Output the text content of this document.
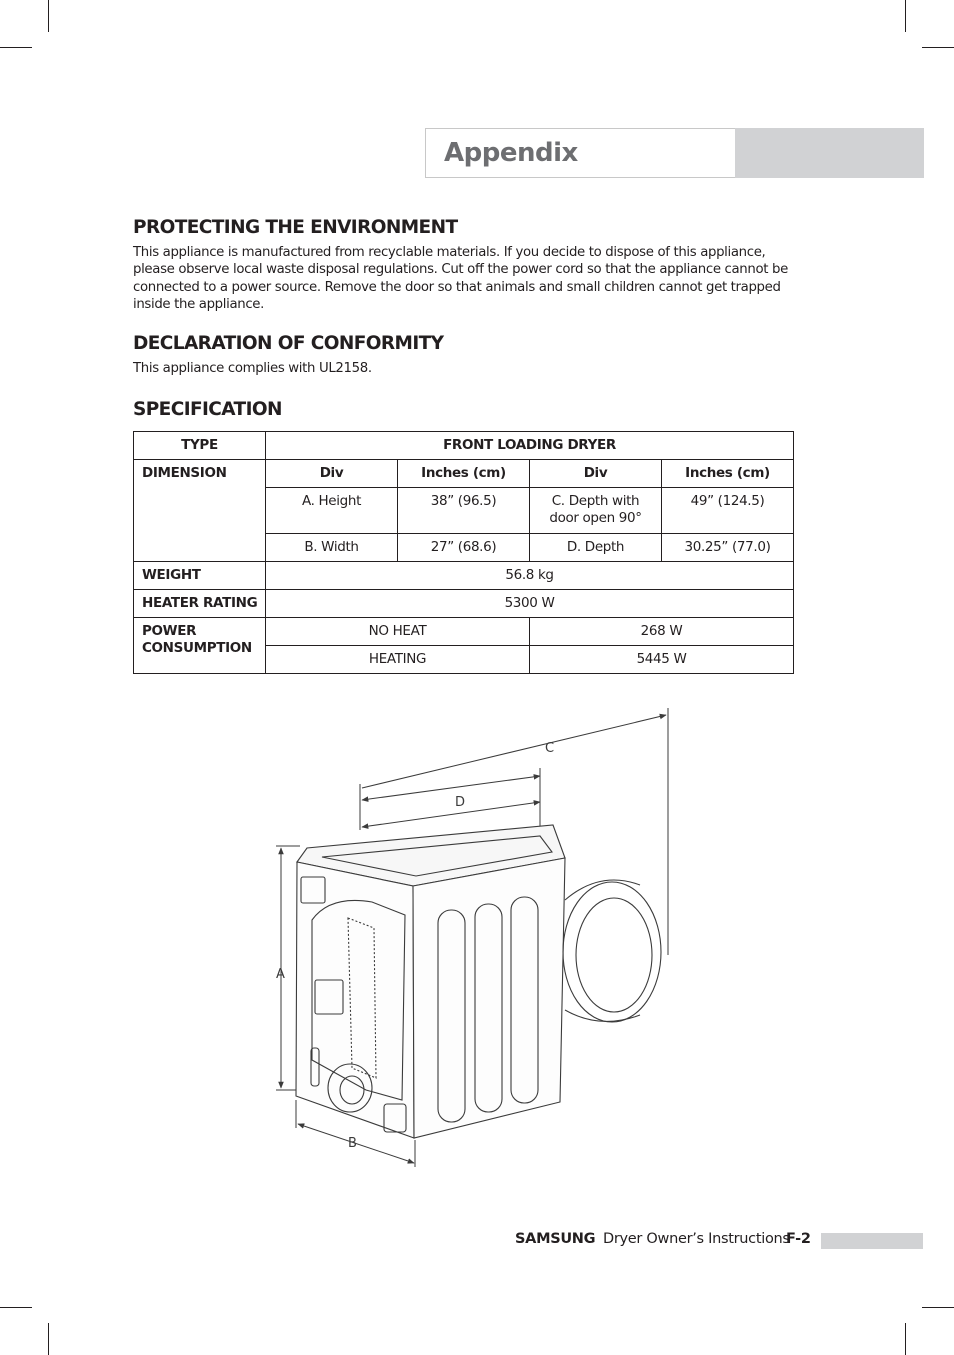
Appendix
PROTECTING THE ENVIRONMENT
This appliance is manufactured from recyclable materials. If you decide to dispose of this appliance,
please observe local waste disposal regulations. Cut off the power cord so that the appliance cannot be
connected to a power source. Remove the door so that animals and small children cannot get trapped
inside the appliance.
DECLARATION OF CONFORMITY
This appliance complies with UL2158.
SPECIFICATION
TYPE	FRONT LOADING DRYER			
DIMENSION	Div	Inches (cm)	Div	Inches (cm)
	A. Height	38” (96.5)	C. Depth with door open 90°	49” (124.5)
	B. Width	27” (68.6)	D. Depth	30.25” (77.0)
WEIGHT	56.8 kg			
HEATER RATING	5300 W			
POWER CONSUMPTION	NO HEAT		268 W	
	HEATING		5445 W	
A
B
C
D
SAMSUNG Dryer Owner’s Instructions
F-2
